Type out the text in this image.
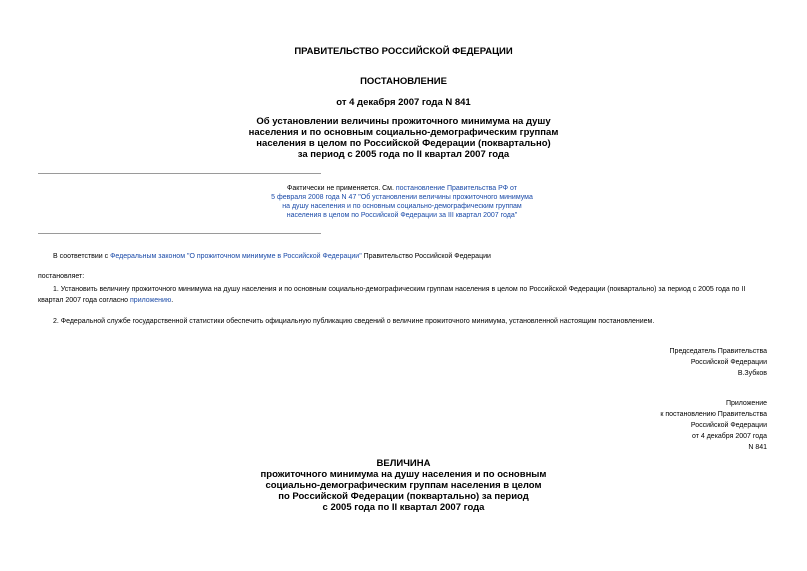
ПРАВИТЕЛЬСТВО РОССИЙСКОЙ ФЕДЕРАЦИИ
ПОСТАНОВЛЕНИЕ
от 4 декабря 2007 года N 841
Об установлении величины прожиточного минимума на душу
населения и по основным социально-демографическим группам
населения в целом по Российской Федерации (поквартально)
за период с 2005 года по II квартал 2007 года
Фактически не применяется. См. постановление Правительства РФ от
5 февраля 2008 года N 47 "Об установлении величины прожиточного минимума
на душу населения и по основным социально-демографическим группам
населения в целом по Российской Федерации за III квартал 2007 года"
В соответствии с Федеральным законом "О прожиточном минимуме в Российской Федерации" Правительство Российской Федерации
постановляет:
1. Установить величину прожиточного минимума на душу населения и по основным социально-демографическим группам населения в целом по Российской Федерации (поквартально) за период с 2005 года по II
квартал 2007 года согласно приложению.
2. Федеральной службе государственной статистики обеспечить официальную публикацию сведений о величине прожиточного минимума, установленной настоящим постановлением.
Председатель Правительства
Российской Федерации
В.Зубков
Приложение
к постановлению Правительства
Российской Федерации
от 4 декабря 2007 года
N 841
ВЕЛИЧИНА
прожиточного минимума на душу населения и по основным
социально-демографическим группам населения в целом
по Российской Федерации (поквартально) за период
с 2005 года по II квартал 2007 года
